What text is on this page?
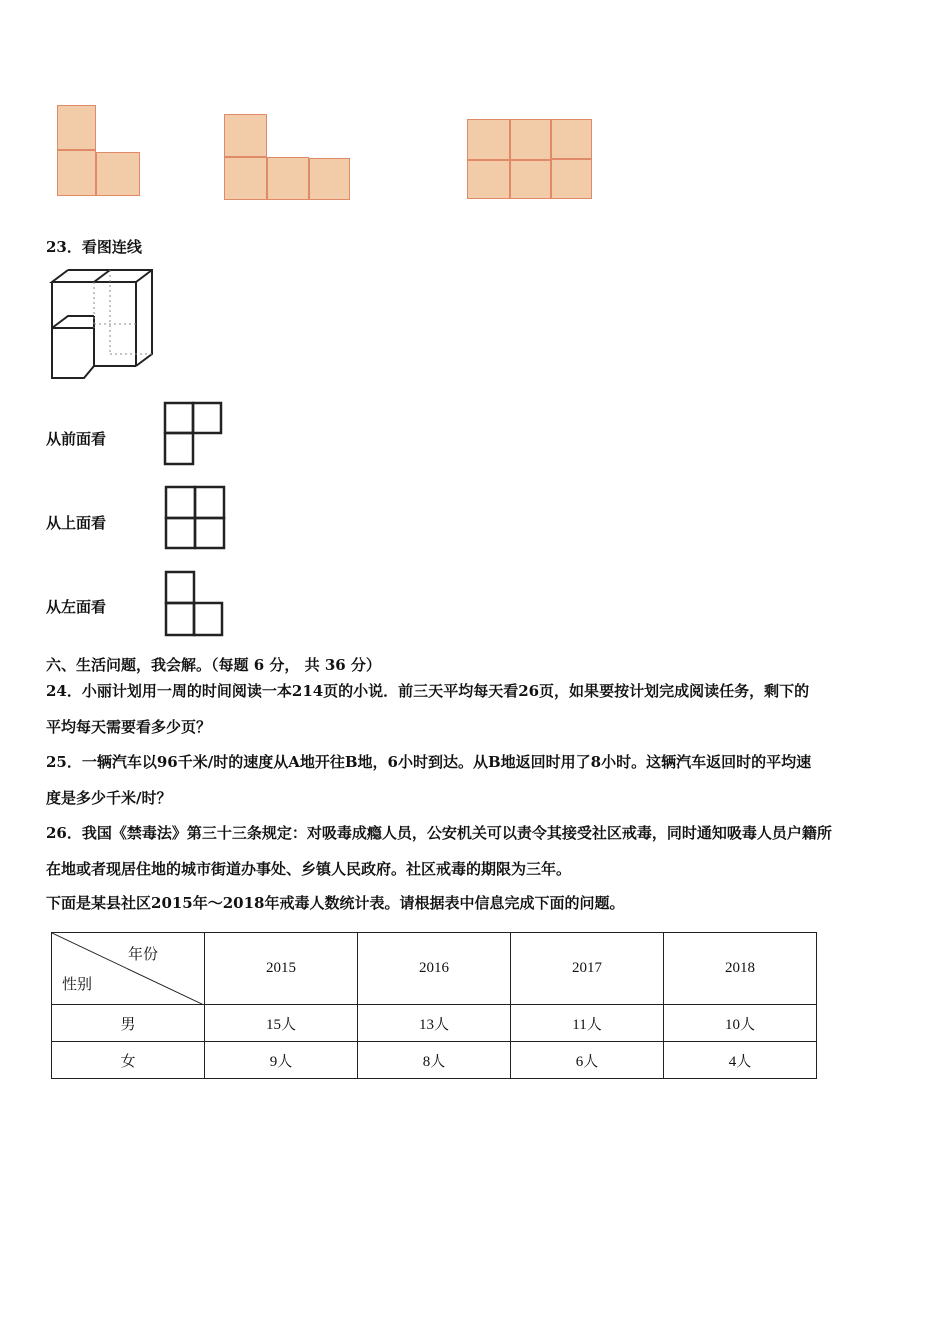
23．看图连线
从前面看
从上面看
从左面看
六、生活问题，我会解。（每题 6 分， 共 36 分）
24．小丽计划用一周的时间阅读一本214页的小说．前三天平均每天看26页，如果要按计划完成阅读任务，剩下的
平均每天需要看多少页？
25．一辆汽车以96千米/时的速度从A地开往B地，6小时到达。从B地返回时用了8小时。这辆汽车返回时的平均速
度是多少千米/时？
26．我国《禁毒法》第三十三条规定：对吸毒成瘾人员，公安机关可以责令其接受社区戒毒，同时通知吸毒人员户籍所
在地或者现居住地的城市街道办事处、乡镇人民政府。社区戒毒的期限为三年。
下面是某县社区2015年～2018年戒毒人数统计表。请根据表中信息完成下面的问题。
年份
性别	2015	2016	2017	2018
男	15人	13人	11人	10人
女	9人	8人	6人	4人
